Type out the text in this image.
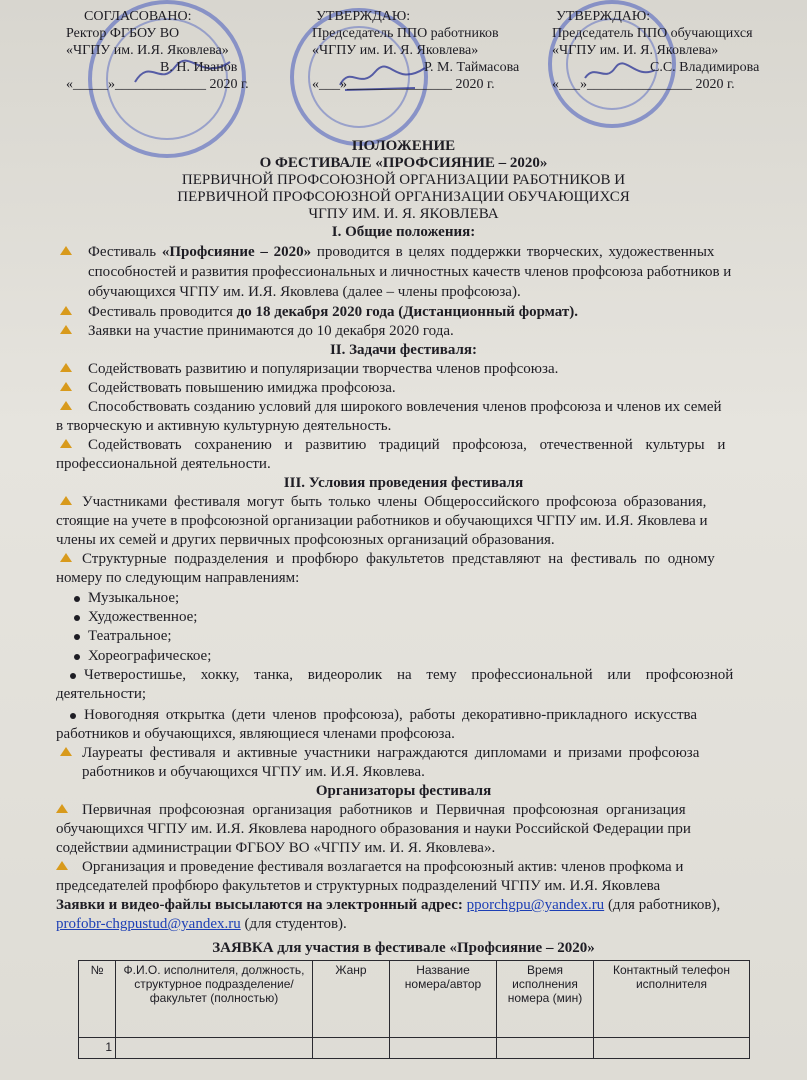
СОГЛАСОВАНО:
Ректор ФГБОУ ВО
«ЧГПУ им. И.Я. Яковлева»
В. Н. Иванов
«_____»_____________ 2020 г.
УТВЕРЖДАЮ:
Председатель ППО работников
«ЧГПУ им. И. Я. Яковлева»
Р. М. Таймасова
«___»_______________ 2020 г.
УТВЕРЖДАЮ:
Председатель ППО обучающихся
«ЧГПУ им. И. Я. Яковлева»
С.С. Владимирова
«___»_______________ 2020 г.
ПОЛОЖЕНИЕ
О ФЕСТИВАЛЕ «ПРОФСИЯНИЕ – 2020»
ПЕРВИЧНОЙ ПРОФСОЮЗНОЙ ОРГАНИЗАЦИИ РАБОТНИКОВ И
ПЕРВИЧНОЙ ПРОФСОЮЗНОЙ ОРГАНИЗАЦИИ ОБУЧАЮЩИХСЯ
ЧГПУ ИМ. И. Я. ЯКОВЛЕВА
I. Общие положения:
Фестиваль «Профсияние – 2020» проводится в целях поддержки творческих, художественных
способностей и развития профессиональных и личностных качеств членов профсоюза работников и
обучающихся ЧГПУ им. И.Я. Яковлева (далее – члены профсоюза).
Фестиваль проводится до 18 декабря 2020 года (Дистанционный формат).
Заявки на участие принимаются до 10 декабря 2020 года.
II. Задачи фестиваля:
Содействовать развитию и популяризации творчества членов профсоюза.
Содействовать повышению имиджа профсоюза.
Способствовать созданию условий для широкого вовлечения членов профсоюза и членов их семей
в творческую и активную культурную деятельность.
Содействовать сохранению и развитию традиций профсоюза, отечественной культуры и
профессиональной деятельности.
III. Условия проведения фестиваля
Участниками фестиваля могут быть только члены Общероссийского профсоюза образования,
стоящие на учете в профсоюзной организации работников и обучающихся ЧГПУ им. И.Я. Яковлева и
члены их семей и других первичных профсоюзных организаций образования.
Структурные подразделения и профбюро факультетов представляют на фестиваль по одному
номеру по следующим направлениям:
Музыкальное;
Художественное;
Театральное;
Хореографическое;
Четверостишье, хокку, танка, видеоролик на тему профессиональной или профсоюзной
деятельности;
Новогодняя открытка (дети членов профсоюза), работы декоративно-прикладного искусства
работников и обучающихся, являющиеся членами профсоюза.
Лауреаты фестиваля и активные участники награждаются дипломами и призами профсоюза
работников и обучающихся ЧГПУ им. И.Я. Яковлева.
Организаторы фестиваля
Первичная профсоюзная организация работников и Первичная профсоюзная организация
обучающихся ЧГПУ им. И.Я. Яковлева народного образования и науки Российской Федерации при
содействии администрации ФГБОУ ВО «ЧГПУ им. И. Я. Яковлева».
Организация и проведение фестиваля возлагается на профсоюзный актив: членов профкома и
председателей профбюро факультетов и структурных подразделений ЧГПУ им. И.Я. Яковлева
Заявки и видео-файлы высылаются на электронный адрес: pporchgpu@yandex.ru (для работников),
profobr-chgpustud@yandex.ru (для студентов).
ЗАЯВКА для участия в фестивале «Профсияние – 2020»
№	Ф.И.О. исполнителя, должность, структурное подразделение/факультет (полностью)	Жанр	Название номера/автор	Время исполнения номера (мин)	Контактный телефон исполнителя
1					
